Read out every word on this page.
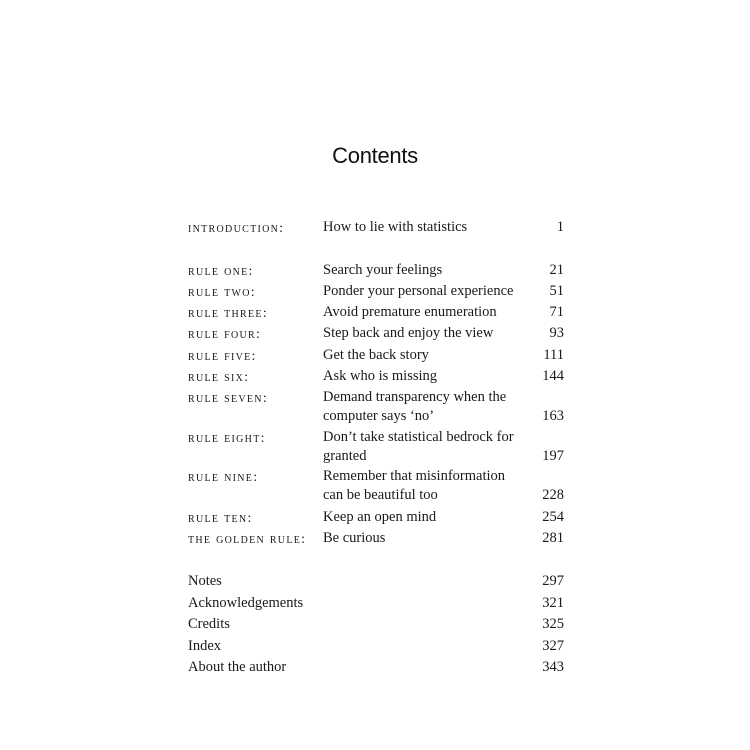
Contents
introduction:	How to lie with statistics	1
rule one:	Search your feelings	21
rule two:	Ponder your personal experience	51
rule three:	Avoid premature enumeration	71
rule four:	Step back and enjoy the view	93
rule five:	Get the back story	111
rule six:	Ask who is missing	144
rule seven:	Demand transparency when the
computer says ‘no’	163
rule eight:	Don’t take statistical bedrock for
granted	197
rule nine:	Remember that misinformation
can be beautiful too	228
rule ten:	Keep an open mind	254
the golden rule: Be curious	281
Notes	297
Acknowledgements	321
Credits	325
Index	327
About the author	343
